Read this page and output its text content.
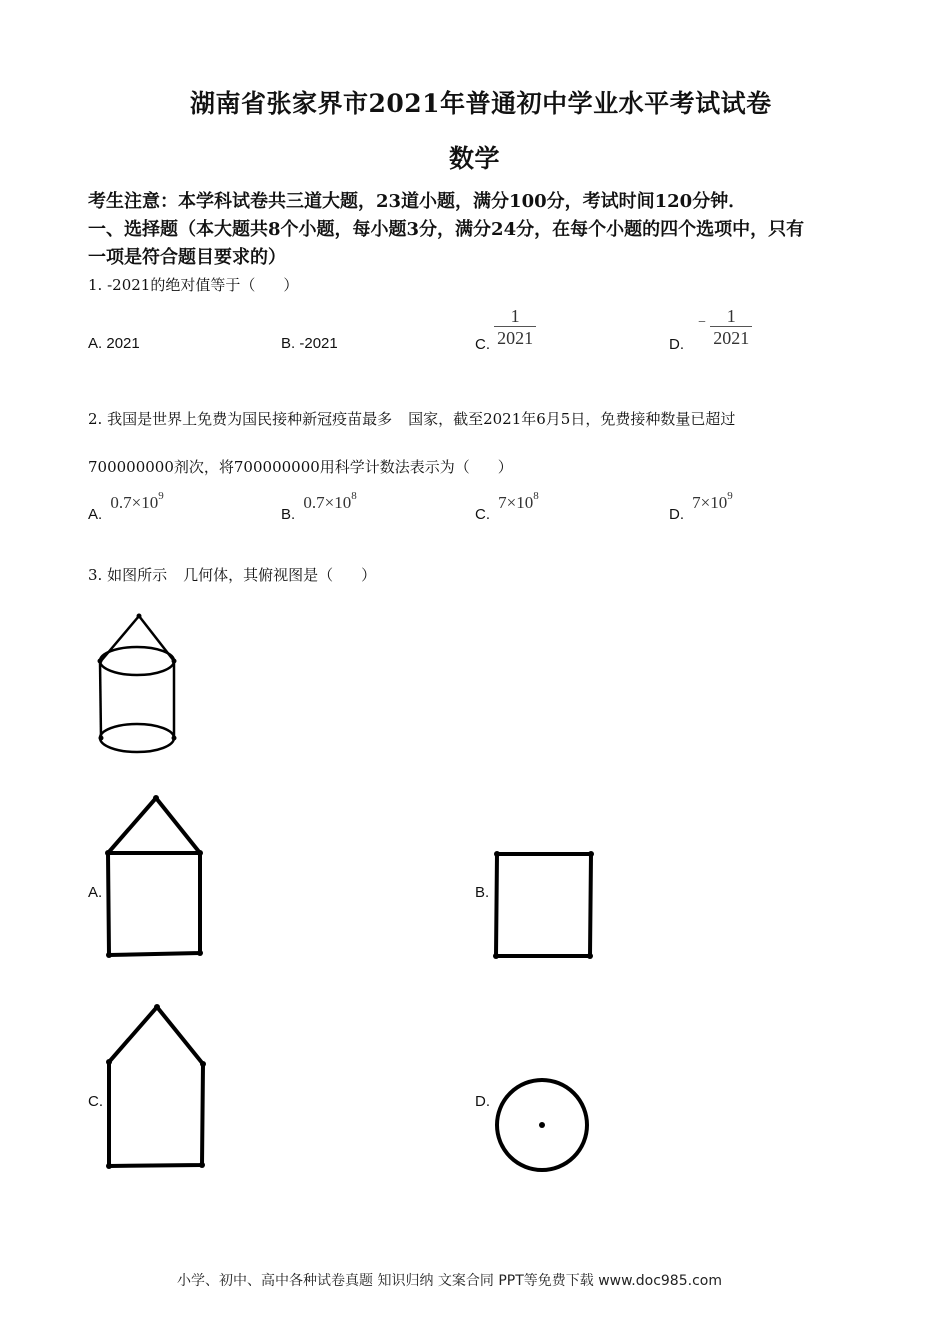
湖南省张家界市2021年普通初中学业水平考试试卷
数学
考生注意：本学科试卷共三道大题，23道小题，满分100分，考试时间120分钟．
一、选择题（本大题共8个小题，每小题3分，满分24分，在每个小题的四个选项中，只有
一项是符合题目要求的）
1. -2021的绝对值等于（ ）
A. 2021	B. -2021	C. $\frac{1}{2021}$	D. − $\frac{1}{2021}$
2. 我国是世界上免费为国民接种新冠疫苗最多 国家，截至2021年6月5日，免费接种数量已超过
700000000剂次，将700000000用科学计数法表示为（ ）
A. $0.7\times 10^9$
B. $0.7\times 10^8$
C. $7\times 10^8$
D. $7\times 10^9$
3. 如图所示 几何体，其俯视图是（ ）
A.	B.
C.	D.
小学、初中、高中各种试卷真题 知识归纳 文案合同 PPT等免费下载 www.doc985.com
